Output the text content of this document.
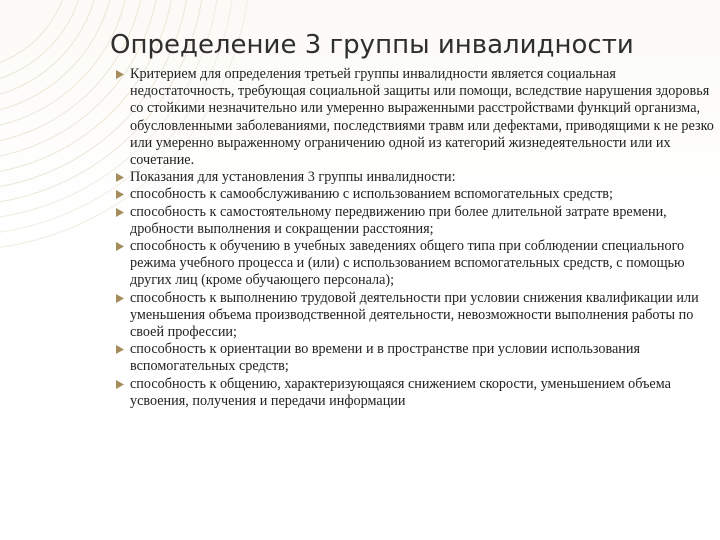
Определение 3 группы инвалидности
Критерием для определения третьей группы инвалидности является социальная недостаточность, требующая социальной защиты или помощи, вследствие нарушения здоровья со стойкими незначительно или умеренно выраженными расстройствами функций организма, обусловленными заболеваниями, последствиями травм или дефектами, приводящими к не резко или умеренно выраженному ограничению одной из категорий жизнедеятельности или их сочетание.
Показания для установления 3 группы инвалидности:
способность к самообслуживанию с использованием вспомогательных средств;
способность к самостоятельному передвижению при более длительной затрате времени, дробности выполнения и сокращении расстояния;
способность к обучению в учебных заведениях общего типа при соблюдении специального режима учебного процесса и (или) с использованием вспомогательных средств, с помощью других лиц (кроме обучающего персонала);
способность к выполнению трудовой деятельности при условии снижения квалификации или уменьшения объема производственной деятельности, невозможности выполнения работы по своей профессии;
способность к ориентации во времени и в пространстве при условии использования вспомогательных средств;
способность к общению, характеризующаяся снижением скорости, уменьшением объема усвоения, получения и передачи информации
